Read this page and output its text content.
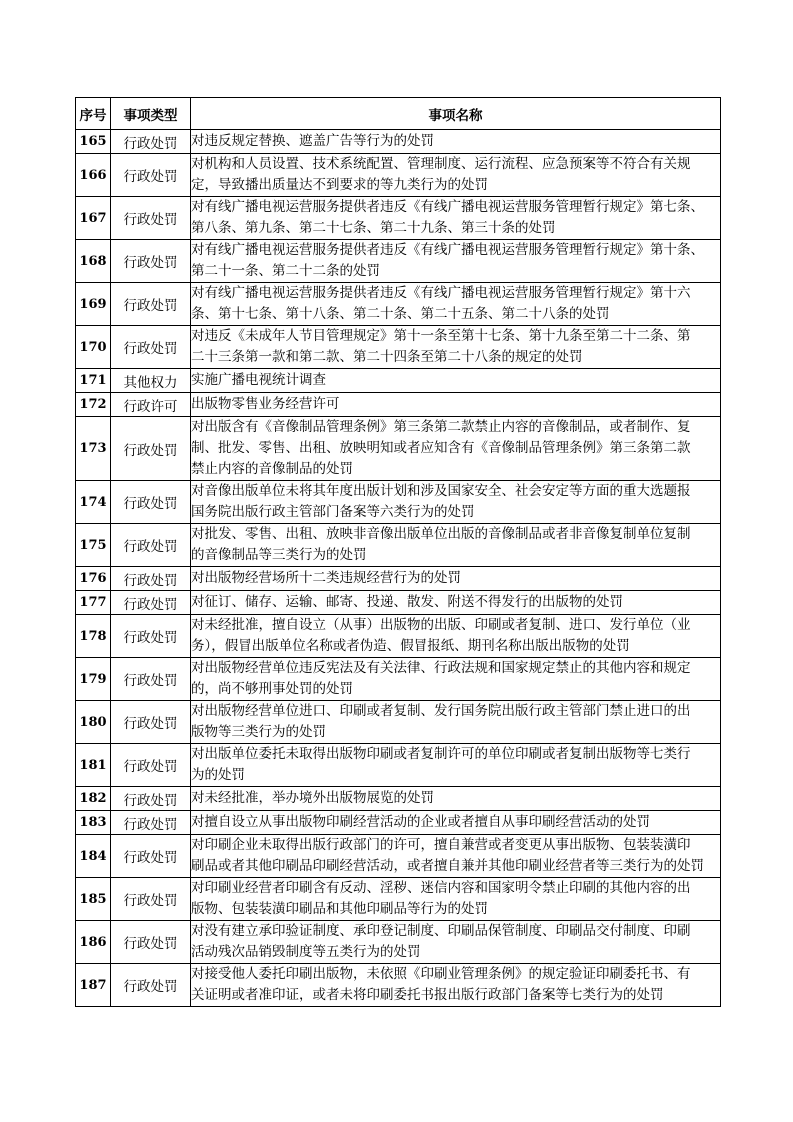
序号	事项类型	事项名称
165	行政处罚	对违反规定替换、遮盖广告等行为的处罚

166	行政处罚	对机构和人员设置、技术系统配置、管理制度、运行流程、应急预案等不符合有关规
定，导致播出质量达不到要求的等九类行为的处罚

167	行政处罚	对有线广播电视运营服务提供者违反《有线广播电视运营服务管理暂行规定》第七条、
第八条、第九条、第二十七条、第二十九条、第三十条的处罚

168	行政处罚	对有线广播电视运营服务提供者违反《有线广播电视运营服务管理暂行规定》第十条、
第二十一条、第二十二条的处罚

169	行政处罚	对有线广播电视运营服务提供者违反《有线广播电视运营服务管理暂行规定》第十六
条、第十七条、第十八条、第二十条、第二十五条、第二十八条的处罚

170	行政处罚	对违反《未成年人节目管理规定》第十一条至第十七条、第十九条至第二十二条、第
二十三条第一款和第二款、第二十四条至第二十八条的规定的处罚

171	其他权力	实施广播电视统计调查

172	行政许可	出版物零售业务经营许可

173	行政处罚	对出版含有《音像制品管理条例》第三条第二款禁止内容的音像制品，或者制作、复
制、批发、零售、出租、放映明知或者应知含有《音像制品管理条例》第三条第二款
禁止内容的音像制品的处罚

174	行政处罚	对音像出版单位未将其年度出版计划和涉及国家安全、社会安定等方面的重大选题报
国务院出版行政主管部门备案等六类行为的处罚

175	行政处罚	对批发、零售、出租、放映非音像出版单位出版的音像制品或者非音像复制单位复制
的音像制品等三类行为的处罚

176	行政处罚	对出版物经营场所十二类违规经营行为的处罚

177	行政处罚	对征订、储存、运输、邮寄、投递、散发、附送不得发行的出版物的处罚

178	行政处罚	对未经批准，擅自设立（从事）出版物的出版、印刷或者复制、进口、发行单位（业
务），假冒出版单位名称或者伪造、假冒报纸、期刊名称出版出版物的处罚

179	行政处罚	对出版物经营单位违反宪法及有关法律、行政法规和国家规定禁止的其他内容和规定
的，尚不够刑事处罚的处罚

180	行政处罚	对出版物经营单位进口、印刷或者复制、发行国务院出版行政主管部门禁止进口的出
版物等三类行为的处罚

181	行政处罚	对出版单位委托未取得出版物印刷或者复制许可的单位印刷或者复制出版物等七类行
为的处罚

182	行政处罚	对未经批准，举办境外出版物展览的处罚

183	行政处罚	对擅自设立从事出版物印刷经营活动的企业或者擅自从事印刷经营活动的处罚

184	行政处罚	对印刷企业未取得出版行政部门的许可，擅自兼营或者变更从事出版物、包装装潢印
刷品或者其他印刷品印刷经营活动，或者擅自兼并其他印刷业经营者等三类行为的处罚

185	行政处罚	对印刷业经营者印刷含有反动、淫秽、迷信内容和国家明令禁止印刷的其他内容的出
版物、包装装潢印刷品和其他印刷品等行为的处罚

186	行政处罚	对没有建立承印验证制度、承印登记制度、印刷品保管制度、印刷品交付制度、印刷
活动残次品销毁制度等五类行为的处罚

187	行政处罚	对接受他人委托印刷出版物，未依照《印刷业管理条例》的规定验证印刷委托书、有
关证明或者准印证，或者未将印刷委托书报出版行政部门备案等七类行为的处罚
